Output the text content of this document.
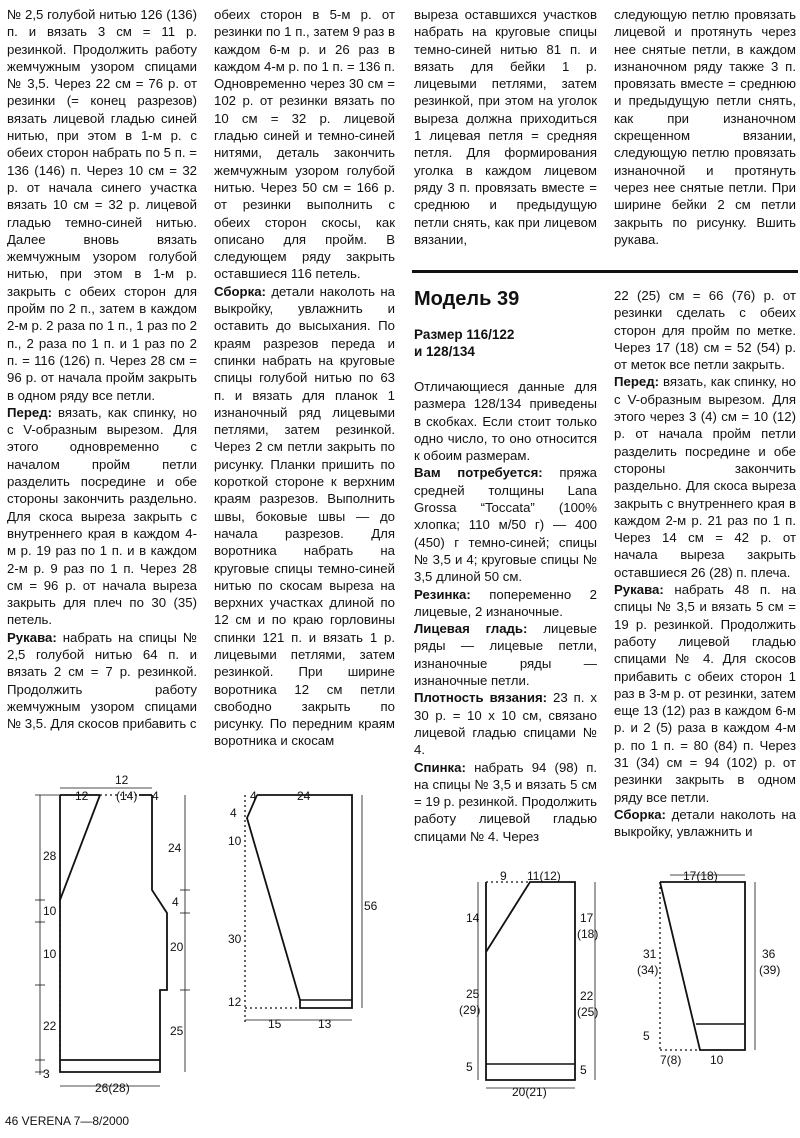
№ 2,5 голубой нитью 126 (136) п. и вязать 3 см = 11 р. резинкой. Продолжить работу жемчужным узором спицами № 3,5. Через 22 см = 76 р. от резинки (= конец разрезов) вязать лицевой гладью синей нитью, при этом в 1-м р. с обеих сторон набрать по 5 п. = 136 (146) п. Через 10 см = 32 р. от начала синего участка вязать 10 см = 32 р. лицевой гладью темно-синей нитью. Далее вновь вязать жемчужным узором голубой нитью, при этом в 1-м р. закрыть с обеих сторон для пройм по 2 п., затем в каждом 2-м р. 2 раза по 1 п., 1 раз по 2 п., 2 раза по 1 п. и 1 раз по 2 п. = 116 (126) п. Через 28 см = 96 р. от начала пройм закрыть в одном ряду все петли.

Перед: вязать, как спинку, но с V-образным вырезом. Для этого одновременно с началом пройм петли разделить посредине и обе стороны закончить раздельно. Для скоса выреза закрыть с внутреннего края в каждом 4-м р. 19 раз по 1 п. и в каждом 2-м р. 9 раз по 1 п. Через 28 см = 96 р. от начала выреза закрыть для плеч по 30 (35) петель.

Рукава: набрать на спицы № 2,5 голубой нитью 64 п. и вязать 2 см = 7 р. резинкой. Продолжить работу жемчужным узором спицами № 3,5. Для скосов прибавить с

обеих сторон в 5-м р. от резинки по 1 п., затем 9 раз в каждом 6-м р. и 26 раз в каждом 4-м р. по 1 п. = 136 п. Одновременно через 30 см = 102 р. от резинки вязать по 10 см = 32 р. лицевой гладью синей и темно-синей нитями, деталь закончить жемчужным узором голубой нитью. Через 50 см = 166 р. от резинки выполнить с обеих сторон скосы, как описано для пройм. В следующем ряду закрыть оставшиеся 116 петель.

Сборка: детали наколоть на выкройку, увлажнить и оставить до высыхания. По краям разрезов переда и спинки набрать на круговые спицы голубой нитью по 63 п. и вязать для планок 1 изнаночный ряд лицевыми петлями, затем резинкой. Через 2 см петли закрыть по рисунку. Планки пришить по короткой стороне к верхним краям разрезов. Выполнить швы, боковые швы — до начала разрезов. Для воротника набрать на круговые спицы темно-синей нитью по скосам выреза на верхних участках длиной по 12 см и по краю горловины спинки 121 п. и вязать 1 р. лицевыми петлями, затем резинкой. При ширине воротника 12 см петли свободно закрыть по рисунку. По передним краям воротника и скосам

выреза оставшихся участков набрать на круговые спицы темно-синей нитью 81 п. и вязать для бейки 1 р. лицевыми петлями, затем резинкой, при этом на уголок выреза должна приходиться 1 лицевая петля = средняя петля. Для формирования уголка в каждом лицевом ряду 3 п. провязать вместе = среднюю и предыдущую петли снять, как при лицевом вязании,

следующую петлю провязать лицевой и протянуть через нее снятые петли, в каждом изнаночном ряду также 3 п. провязать вместе = среднюю и предыдущую петли снять, как при изнаночном скрещенном вязании, следующую петлю провязать изнаночной и протянуть через нее снятые петли. При ширине бейки 2 см петли закрыть по рисунку. Вшить рукава.

Модель 39
Размер 116/122
и 128/134

Отличающиеся данные для размера 128/134 приведены в скобках. Если стоит только одно число, то оно относится к обоим размерам.

Вам потребуется: пряжа средней толщины Lana Grossa “Toccata” (100% хлопка; 110 м/50 г) — 400 (450) г темно-синей; спицы № 3,5 и 4; круговые спицы № 3,5 длиной 50 см.

Резинка: попеременно 2 лицевые, 2 изнаночные.

Лицевая гладь: лицевые ряды — лицевые петли, изнаночные ряды — изнаночные петли.

Плотность вязания: 23 п. х 30 р. = 10 х 10 см, связано лицевой гладью спицами № 4.

Спинка: набрать 94 (98) п. на спицы № 3,5 и вязать 5 см = 19 р. резинкой. Продолжить работу лицевой гладью спицами № 4. Через

22 (25) см = 66 (76) р. от резинки сделать с обеих сторон для пройм по метке. Через 17 (18) см = 52 (54) р. от меток все петли закрыть.

Перед: вязать, как спинку, но с V-образным вырезом. Для этого через 3 (4) см = 10 (12) р. от начала пройм петли разделить посредине и обе стороны закончить раздельно. Для скоса выреза закрыть с внутреннего края в каждом 2-м р. 21 раз по 1 п. Через 14 см = 42 р. от начала выреза закрыть оставшиеся 26 (28) п. плеча.

Рукава: набрать 48 п. на спицы № 3,5 и вязать 5 см = 19 р. резинкой. Продолжить работу лицевой гладью спицами № 4. Для скосов прибавить с обеих сторон 1 раз в 3-м р. от резинки, затем еще 13 (12) раз в каждом 6-м р. и 2 (5) раза в каждом 4-м р. по 1 п. = 80 (84) п. Через 31 (34) см = 94 (102) р. от резинки закрыть в одном ряду все петли.

Сборка: детали наколоть на выкройку, увлажнить и

12
12 (14) 4
28
10
10
22
3
24
4
20
25
26(28)
4	24
4
10
30
12
56
15	13
9 11(12)
14
25
(29)
5
17
(18)
22
(25)
5
20(21)
17(18)
31
(34)
5
36
(39)
7(8) 10
46 VERENA 7—8/2000
